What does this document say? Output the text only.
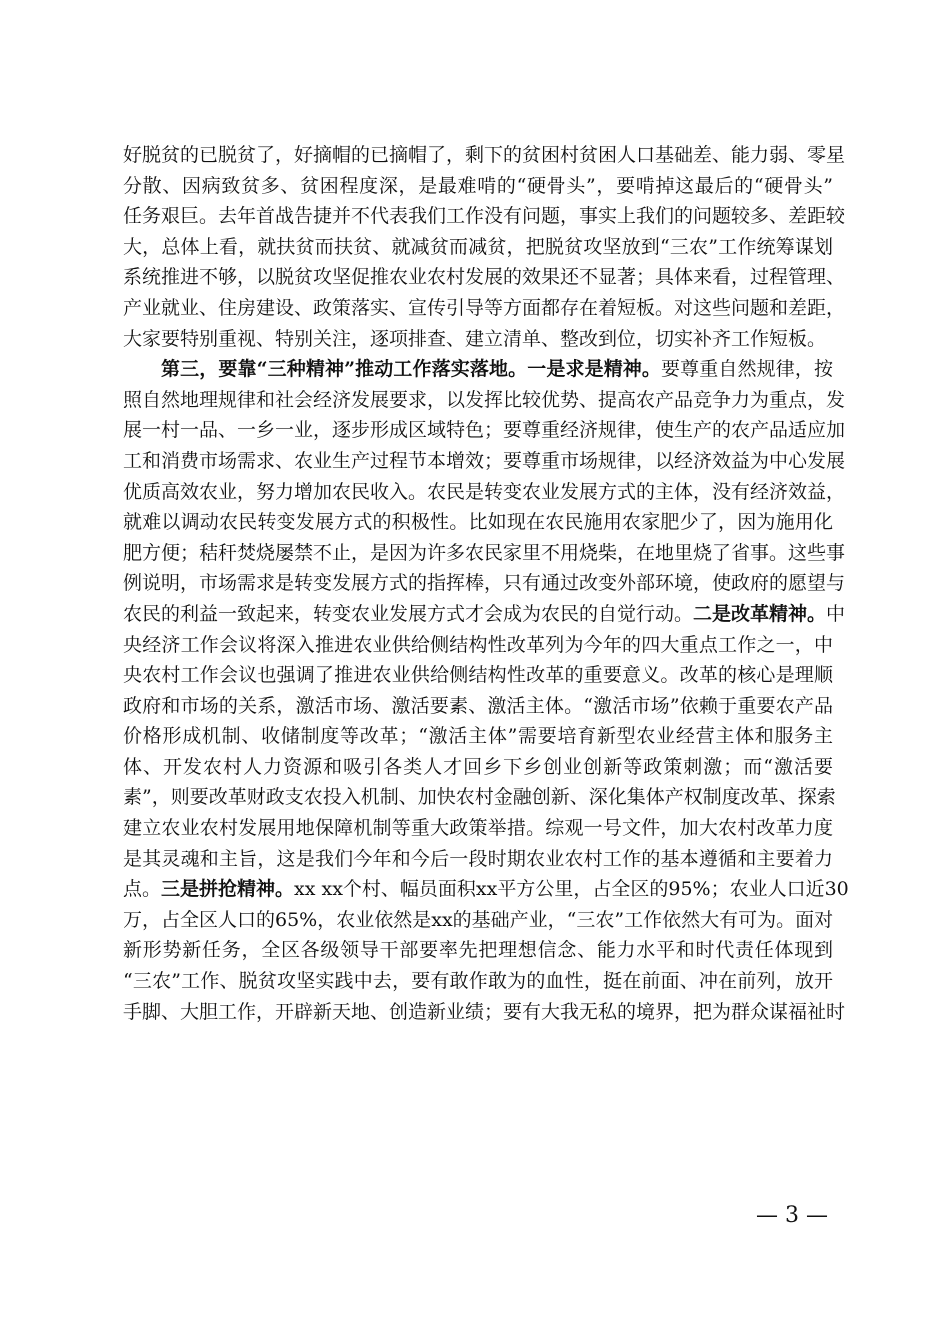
好脱贫的已脱贫了，好摘帽的已摘帽了，剩下的贫困村贫困人口基础差、能力弱、零星
分散、因病致贫多、贫困程度深，是最难啃的“硬骨头”，要啃掉这最后的“硬骨头”
任务艰巨。去年首战告捷并不代表我们工作没有问题，事实上我们的问题较多、差距较
大，总体上看，就扶贫而扶贫、就减贫而减贫，把脱贫攻坚放到“三农”工作统筹谋划
系统推进不够，以脱贫攻坚促推农业农村发展的效果还不显著；具体来看，过程管理、
产业就业、住房建设、政策落实、宣传引导等方面都存在着短板。对这些问题和差距，
大家要特别重视、特别关注，逐项排查、建立清单、整改到位，切实补齐工作短板。
第三，要靠“三种精神”推动工作落实落地。一是求是精神。要尊重自然规律，按
照自然地理规律和社会经济发展要求，以发挥比较优势、提高农产品竞争力为重点，发
展一村一品、一乡一业，逐步形成区域特色；要尊重经济规律，使生产的农产品适应加
工和消费市场需求、农业生产过程节本增效；要尊重市场规律，以经济效益为中心发展
优质高效农业，努力增加农民收入。农民是转变农业发展方式的主体，没有经济效益，
就难以调动农民转变发展方式的积极性。比如现在农民施用农家肥少了，因为施用化
肥方便；秸秆焚烧屡禁不止，是因为许多农民家里不用烧柴，在地里烧了省事。这些事
例说明，市场需求是转变发展方式的指挥棒，只有通过改变外部环境，使政府的愿望与
农民的利益一致起来，转变农业发展方式才会成为农民的自觉行动。二是改革精神。中
央经济工作会议将深入推进农业供给侧结构性改革列为今年的四大重点工作之一，中
央农村工作会议也强调了推进农业供给侧结构性改革的重要意义。改革的核心是理顺
政府和市场的关系，激活市场、激活要素、激活主体。“激活市场”依赖于重要农产品
价格形成机制、收储制度等改革；“激活主体”需要培育新型农业经营主体和服务主
体、开发农村人力资源和吸引各类人才回乡下乡创业创新等政策刺激；而“激活要
素”，则要改革财政支农投入机制、加快农村金融创新、深化集体产权制度改革、探索
建立农业农村发展用地保障机制等重大政策举措。综观一号文件，加大农村改革力度
是其灵魂和主旨，这是我们今年和今后一段时期农业农村工作的基本遵循和主要着力
点。三是拼抢精神。xx xx个村、幅员面积xx平方公里，占全区的95%；农业人口近30
万，占全区人口的65%，农业依然是xx的基础产业，“三农”工作依然大有可为。面对
新形势新任务，全区各级领导干部要率先把理想信念、能力水平和时代责任体现到
“三农”工作、脱贫攻坚实践中去，要有敢作敢为的血性，挺在前面、冲在前列，放开
手脚、大胆工作，开辟新天地、创造新业绩；要有大我无私的境界，把为群众谋福祉时
— 3 —
